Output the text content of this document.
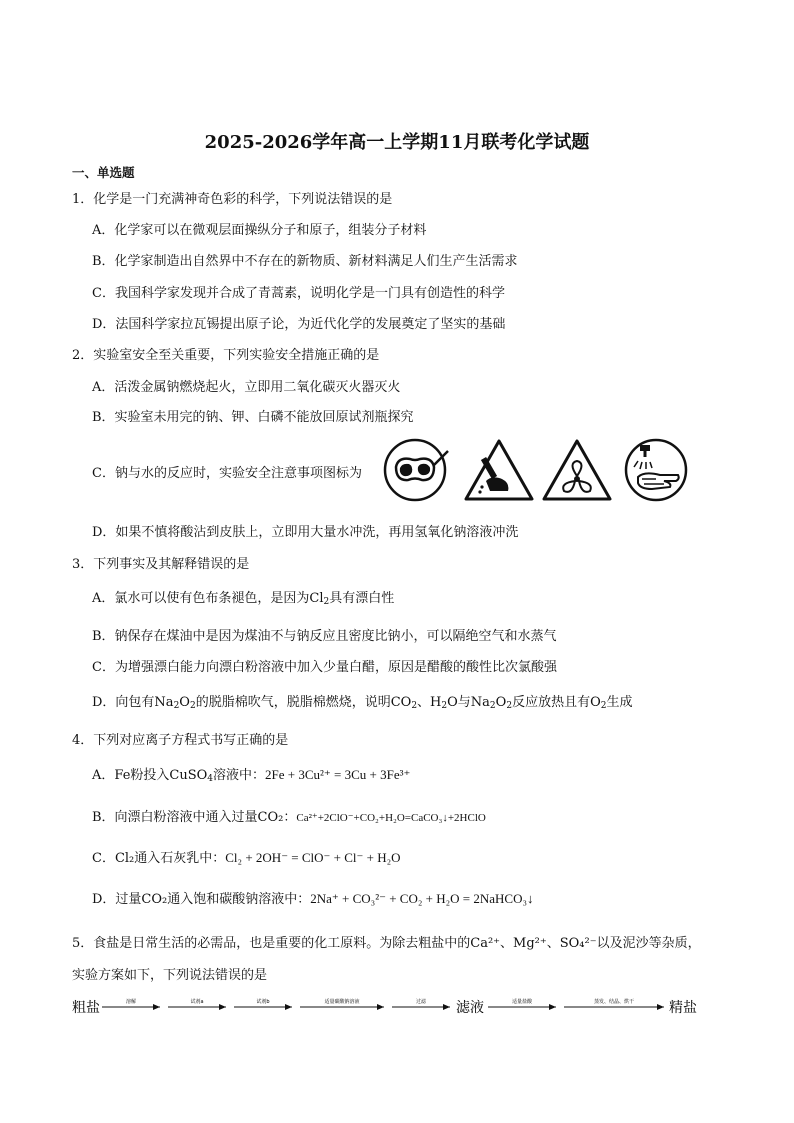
2025-2026学年高一上学期11月联考化学试题
一、单选题
1．化学是一门充满神奇色彩的科学，下列说法错误的是
A．化学家可以在微观层面操纵分子和原子，组装分子材料
B．化学家制造出自然界中不存在的新物质、新材料满足人们生产生活需求
C．我国科学家发现并合成了青蒿素，说明化学是一门具有创造性的科学
D．法国科学家拉瓦锡提出原子论，为近代化学的发展奠定了坚实的基础
2．实验室安全至关重要，下列实验安全措施正确的是
A．活泼金属钠燃烧起火，立即用二氧化碳灭火器灭火
B．实验室未用完的钠、钾、白磷不能放回原试剂瓶探究
C．钠与水的反应时，实验安全注意事项图标为
D．如果不慎将酸沾到皮肤上，立即用大量水冲洗，再用氢氧化钠溶液冲洗
3．下列事实及其解释错误的是
A．氯水可以使有色布条褪色，是因为$Cl_2$具有漂白性
B．钠保存在煤油中是因为煤油不与钠反应且密度比钠小，可以隔绝空气和水蒸气
C．为增强漂白能力向漂白粉溶液中加入少量白醋，原因是醋酸的酸性比次氯酸强
D．向包有$Na_2O_2$的脱脂棉吹气，脱脂棉燃烧，说明$CO_2$、$H_2O$与$Na_2O_2$反应放热且有$O_2$生成
4．下列对应离子方程式书写正确的是
A．Fe粉投入CuSO$_4$溶液中：2Fe + 3Cu²⁺ = 3Cu + 3Fe³⁺
B．向漂白粉溶液中通入过量CO₂：Ca²⁺+2ClO⁻+CO₂+H₂O=CaCO₃↓+2HClO
C．Cl₂通入石灰乳中：Cl₂ + 2OH⁻ = ClO⁻ + Cl⁻ + H₂O
D．过量CO₂通入饱和碳酸钠溶液中：2Na⁺ + CO₃²⁻ + CO₂ + H₂O = 2NaHCO₃↓
5．食盐是日常生活的必需品，也是重要的化工原料。为除去粗盐中的Ca²⁺、Mg²⁺、SO₄²⁻以及泥沙等杂质，
实验方案如下，下列说法错误的是
粗盐	溶解	试剂a	试剂b	适量碳酸钠溶液	过滤 滤液	适量盐酸	蒸发、结晶、烘干 精盐
